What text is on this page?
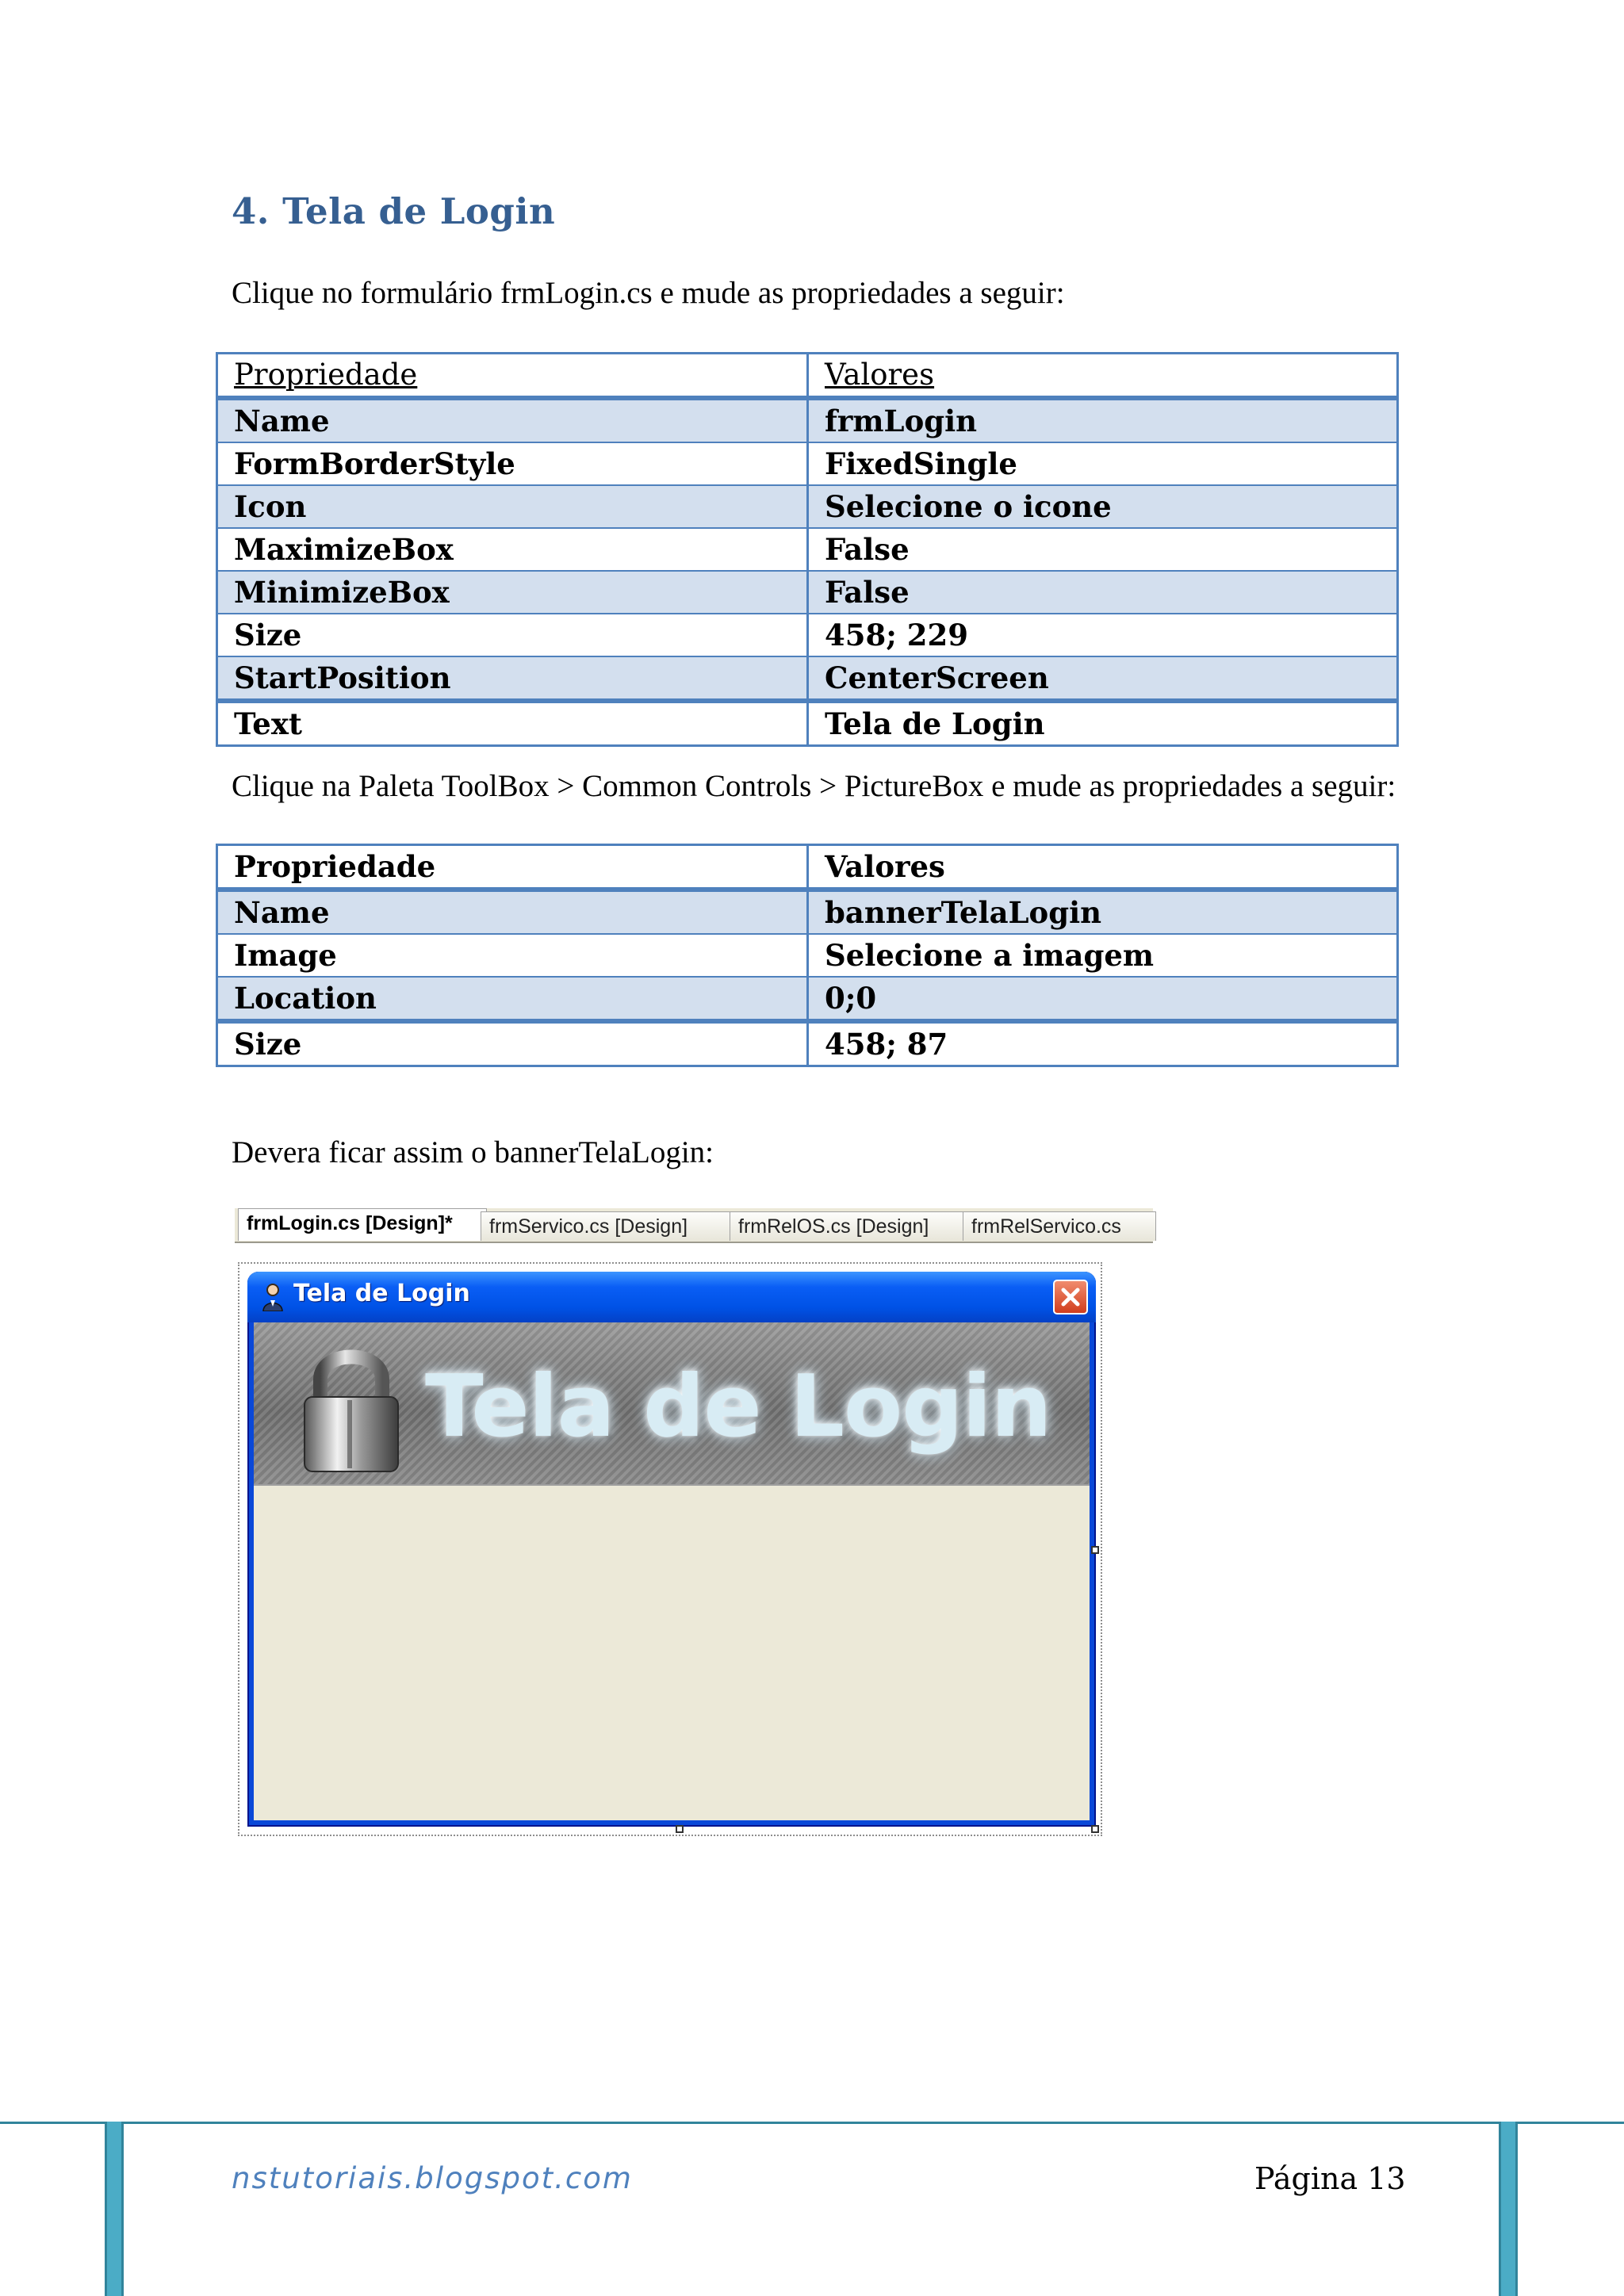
4. Tela de Login
Clique no formulário frmLogin.cs e mude as propriedades a seguir:
Propriedade	Valores
Name	frmLogin
FormBorderStyle	FixedSingle
Icon	Selecione o icone
MaximizeBox	False
MinimizeBox	False
Size	458; 229
StartPosition	CenterScreen
Text	Tela de Login
Clique na Paleta ToolBox > Common Controls > PictureBox e mude as propriedades a seguir:
Propriedade	Valores
Name	bannerTelaLogin
Image	Selecione a imagem
Location	0;0
Size	458; 87
Devera ficar assim o bannerTelaLogin:
frmLogin.cs [Design]*	frmServico.cs [Design]	frmRelOS.cs [Design]	frmRelServico.cs
Tela de Login
Tela de Login
nstutoriais.blogspot.com	Página 13
